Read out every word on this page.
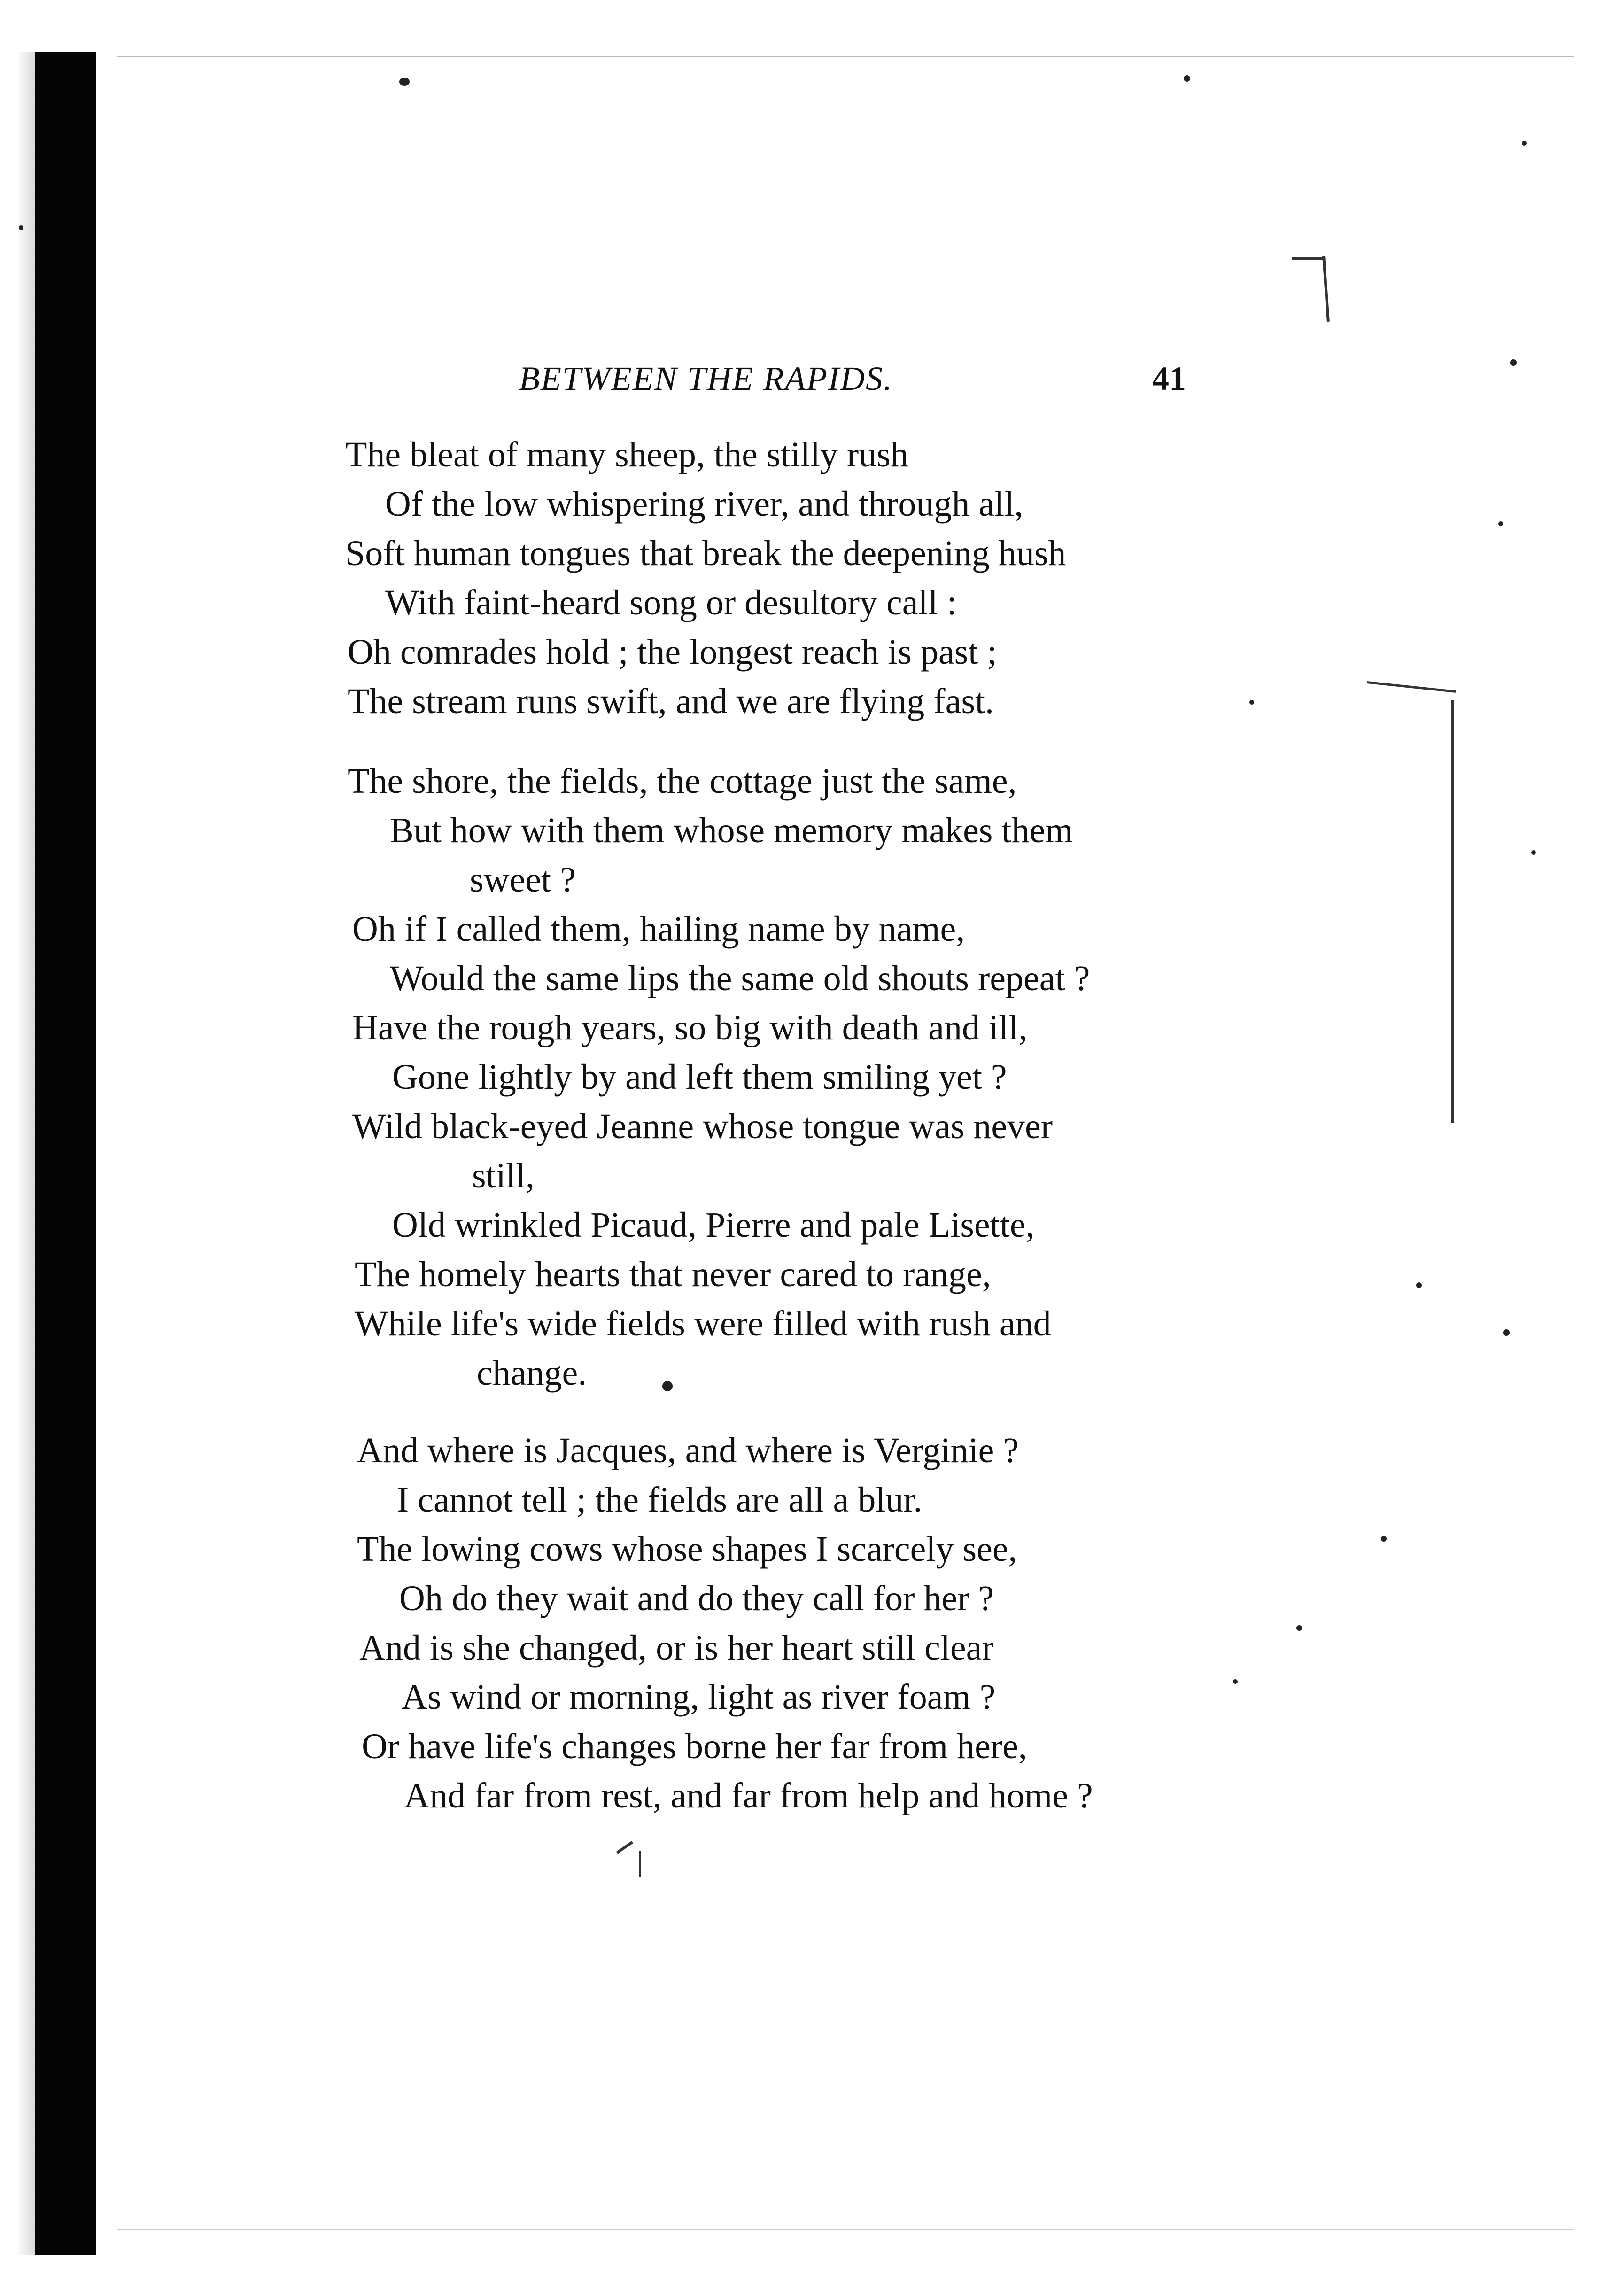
BETWEEN THE RAPIDS.	41
The bleat of many sheep, the stilly rush
Of the low whispering river, and through all,
Soft human tongues that break the deepening hush
With faint-heard song or desultory call :
Oh comrades hold ; the longest reach is past ;
The stream runs swift, and we are flying fast.
The shore, the fields, the cottage just the same,
But how with them whose memory makes them
sweet ?
Oh if I called them, hailing name by name,
Would the same lips the same old shouts repeat ?
Have the rough years, so big with death and ill,
Gone lightly by and left them smiling yet ?
Wild black-eyed Jeanne whose tongue was never
still,
Old wrinkled Picaud, Pierre and pale Lisette,
The homely hearts that never cared to range,
While life's wide fields were filled with rush and
change.
And where is Jacques, and where is Verginie ?
I cannot tell ; the fields are all a blur.
The lowing cows whose shapes I scarcely see,
Oh do they wait and do they call for her ?
And is she changed, or is her heart still clear
As wind or morning, light as river foam ?
Or have life's changes borne her far from here,
And far from rest, and far from help and home ?
